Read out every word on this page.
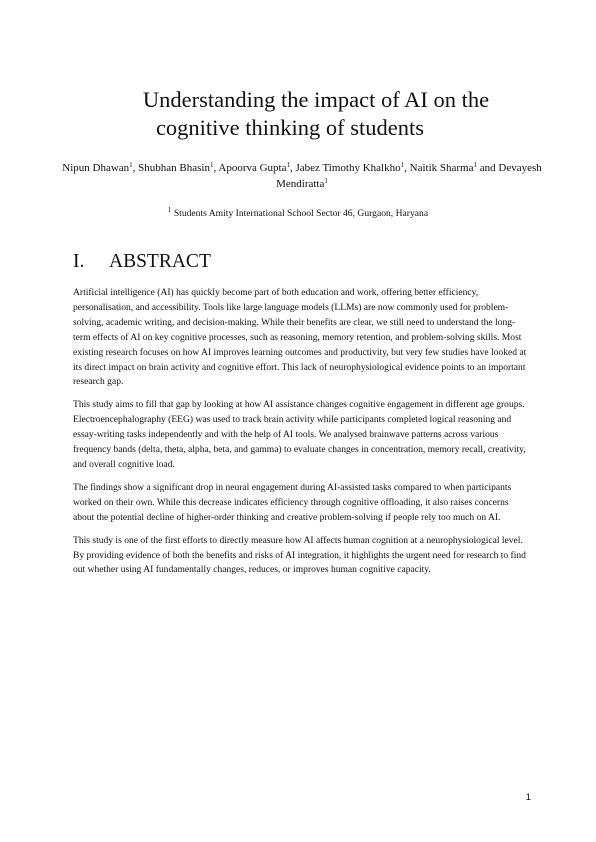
Understanding the impact of AI on the
cognitive thinking of students

Nipun Dhawan$^1$, Shubhan Bhasin$^1$, Apoorva Gupta$^1$, Jabez Timothy Khalkho$^1$, Naitik Sharma$^1$ and Devayesh Mendiratta$^1$

$^1$ Students Amity International School Sector 46, Gurgaon, Haryana

I. ABSTRACT

Artificial intelligence (AI) has quickly become part of both education and work, offering better efficiency, personalisation, and accessibility. Tools like large language models (LLMs) are now commonly used for problem-solving, academic writing, and decision-making. While their benefits are clear, we still need to understand the long-term effects of AI on key cognitive processes, such as reasoning, memory retention, and problem-solving skills. Most existing research focuses on how AI improves learning outcomes and productivity, but very few studies have looked at its direct impact on brain activity and cognitive effort. This lack of neurophysiological evidence points to an important research gap.

This study aims to fill that gap by looking at how AI assistance changes cognitive engagement in different age groups. Electroencephalography (EEG) was used to track brain activity while participants completed logical reasoning and essay-writing tasks independently and with the help of AI tools. We analysed brainwave patterns across various frequency bands (delta, theta, alpha, beta, and gamma) to evaluate changes in concentration, memory recall, creativity, and overall cognitive load.

The findings show a significant drop in neural engagement during AI-assisted tasks compared to when participants worked on their own. While this decrease indicates efficiency through cognitive offloading, it also raises concerns about the potential decline of higher-order thinking and creative problem-solving if people rely too much on AI.

This study is one of the first efforts to directly measure how AI affects human cognition at a neurophysiological level. By providing evidence of both the benefits and risks of AI integration, it highlights the urgent need for research to find out whether using AI fundamentally changes, reduces, or improves human cognitive capacity.

1
